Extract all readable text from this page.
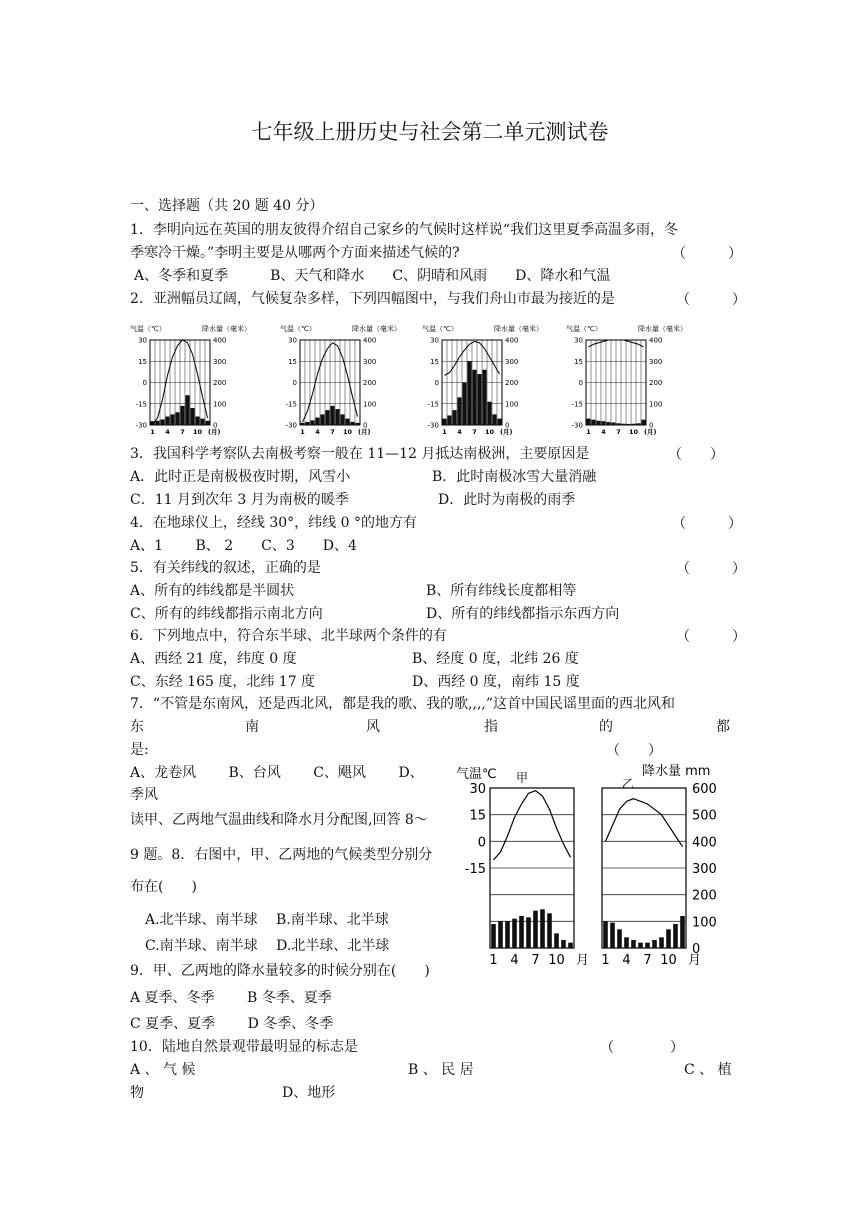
七年级上册历史与社会第二单元测试卷
一、选择题（共 20 题 40 分）
1．李明向远在英国的朋友彼得介绍自己家乡的气候时这样说“我们这里夏季高温多雨，冬
季寒冷干燥。”李明主要是从哪两个方面来描述气候的?	（　　　）
A、冬季和夏季　　　B、天气和降水　　C、阴晴和风雨　　D、降水和气温
2．亚洲幅员辽阔，气候复杂多样，下列四幅图中，与我们舟山市最为接近的是	（　　　）
气温（℃）	降水量（毫米）
30
15
0
-15
-30
400
300
200
100
0
1 4 7 10 (月)
气温（℃）	降水量（毫米）
30
15
0
-15
-30
400
300
200
100
0
1 4 7 10 (月)
气温（℃）	降水量（毫米）
30
15
0
-15
-30
400
300
200
100
0
1 4 7 10 (月)
气温（℃）	降水量（毫米）
30
15
0
-15
-30
400
300
200
100
0
1 4 7 10 (月)
3．我国科学考察队去南极考察一般在 11—12 月抵达南极洲，主要原因是	（　　）
A．此时正是南极极夜时期，风雪小	B．此时南极冰雪大量消融
C．11 月到次年 3 月为南极的暖季	D．此时为南极的雨季
4．在地球仪上，经线 30°，纬线 0 °的地方有	（　　　）
A、1　　 B、 2　　C、3　　D、4
5．有关纬线的叙述，正确的是	（　　　）
A、所有的纬线都是半圆状	B、所有纬线长度都相等
C、所有的纬线都指示南北方向	D、所有的纬线都指示东西方向
6．下列地点中，符合东半球、北半球两个条件的有	（　　　）
A、西经 21 度，纬度 0 度	B、经度 0 度，北纬 26 度
C、东经 165 度，北纬 17 度	D、西经 0 度，南纬 15 度
7．“不管是东南风，还是西北风，都是我的歌、我的歌,,,,”这首中国民谣里面的西北风和
东	南	风	指	的	都
是:	（　　）
A、龙卷风　　 B、台风　　 C、飓风　　 D、
季风
读甲、乙两地气温曲线和降水月分配图,回答 8～
9 题。8．右图中，甲、乙两地的气候类型分别分
布在(　　)
A.北半球、南半球　 B.南半球、北半球
C.南半球、南半球　 D.北半球、北半球
9．甲、乙两地的降水量较多的时候分别在(　　)
A 夏季、冬季　　 B 冬季、夏季
C 夏季、夏季　　 D 冬季、冬季
10．陆地自然景观带最明显的标志是	（　　　　）
A 、 气 候	B 、 民 居	C 、 植
物	D、地形
气温℃	降水量 mm
甲	乙
30
15
0
-15
600
500
400
300
200
100
0
1 4 7 10 月 1 4 7 10 月
